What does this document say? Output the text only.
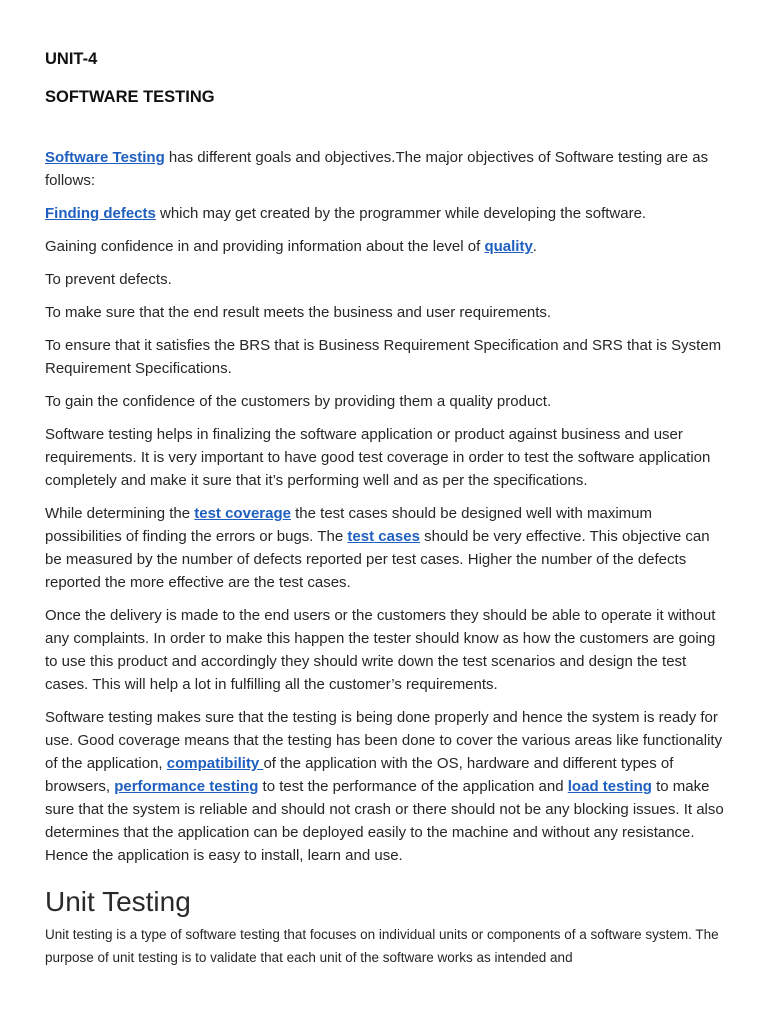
UNIT-4
SOFTWARE TESTING

Software Testing has different goals and objectives.The major objectives of Software testing are as follows:

Finding defects which may get created by the programmer while developing the software.

Gaining confidence in and providing information about the level of quality.

To prevent defects.

To make sure that the end result meets the business and user requirements.

To ensure that it satisfies the BRS that is Business Requirement Specification and SRS that is System Requirement Specifications.

To gain the confidence of the customers by providing them a quality product.

Software testing helps in finalizing the software application or product against business and user requirements. It is very important to have good test coverage in order to test the software application completely and make it sure that it’s performing well and as per the specifications.

While determining the test coverage the test cases should be designed well with maximum possibilities of finding the errors or bugs. The test cases should be very effective. This objective can be measured by the number of defects reported per test cases. Higher the number of the defects reported the more effective are the test cases.

Once the delivery is made to the end users or the customers they should be able to operate it without any complaints. In order to make this happen the tester should know as how the customers are going to use this product and accordingly they should write down the test scenarios and design the test cases. This will help a lot in fulfilling all the customer’s requirements.

Software testing makes sure that the testing is being done properly and hence the system is ready for use. Good coverage means that the testing has been done to cover the various areas like functionality of the application, compatibility of the application with the OS, hardware and different types of browsers, performance testing to test the performance of the application and load testing to make sure that the system is reliable and should not crash or there should not be any blocking issues. It also determines that the application can be deployed easily to the machine and without any resistance. Hence the application is easy to install, learn and use.

Unit Testing

Unit testing is a type of software testing that focuses on individual units or components of a software system. The purpose of unit testing is to validate that each unit of the software works as intended and
